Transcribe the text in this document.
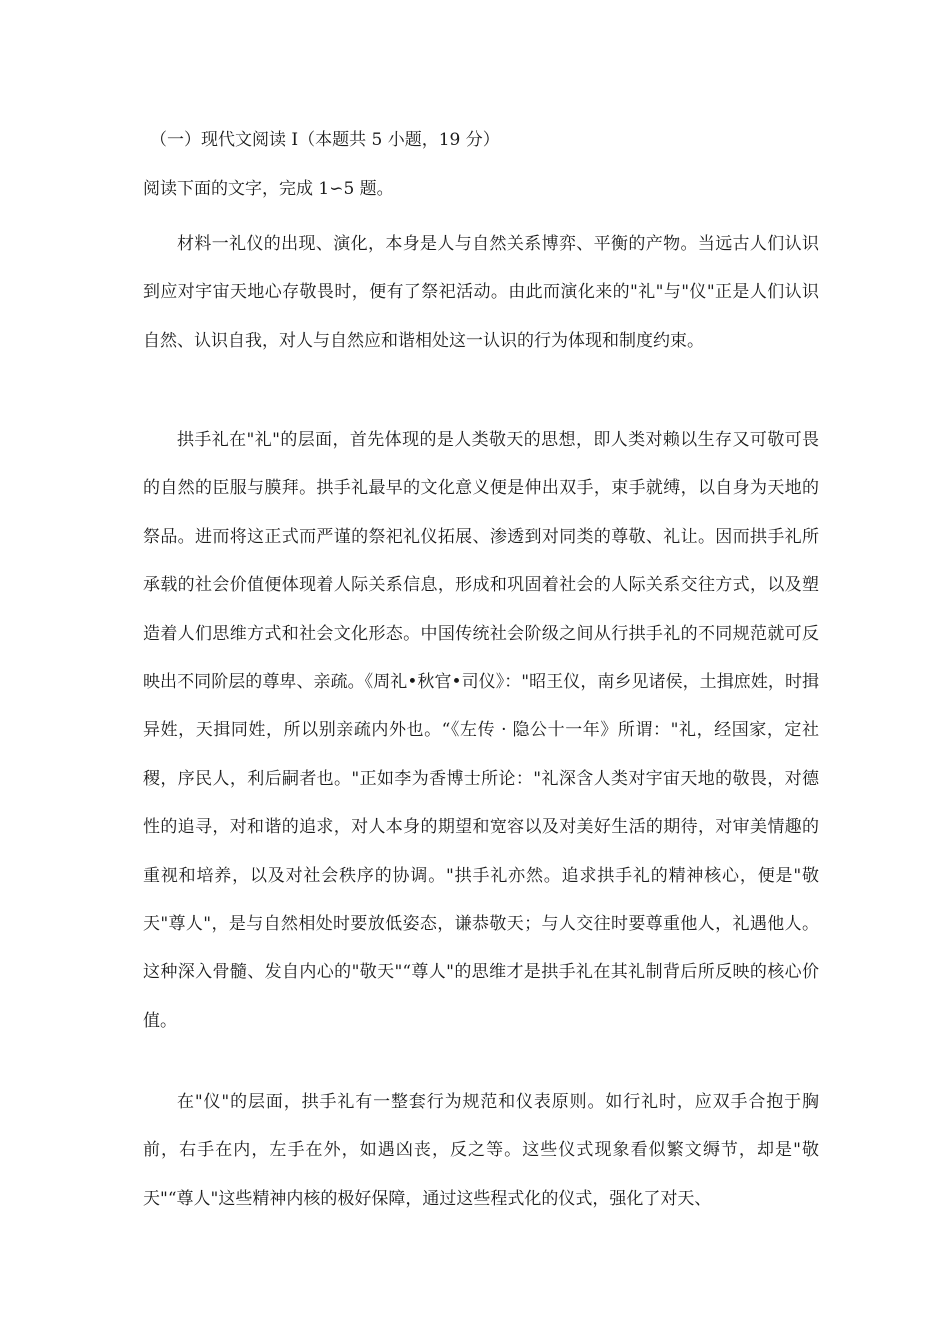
（一）现代文阅读 I（本题共 5 小题，19 分）
阅读下面的文字，完成 1∽5 题。

材料一礼仪的出现、演化，本身是人与自然关系博弈、平衡的产物。当远古人们认识到应对宇宙天地心存敬畏时，便有了祭祀活动。由此而演化来的"礼"与"仪"正是人们认识自然、认识自我，对人与自然应和谐相处这一认识的行为体现和制度约束。

拱手礼在"礼"的层面，首先体现的是人类敬天的思想，即人类对赖以生存又可敬可畏的自然的臣服与膜拜。拱手礼最早的文化意义便是伸出双手，束手就缚，以自身为天地的祭品。进而将这正式而严谨的祭祀礼仪拓展、渗透到对同类的尊敬、礼让。因而拱手礼所承载的社会价值便体现着人际关系信息，形成和巩固着社会的人际关系交往方式，以及塑造着人们思维方式和社会文化形态。中国传统社会阶级之间从行拱手礼的不同规范就可反映出不同阶层的尊卑、亲疏。《周礼•秋官•司仪》："昭王仪，南乡见诸侯，土揖庶姓，时揖异姓，天揖同姓，所以别亲疏内外也。“《左传 · 隐公十一年》所谓："礼，经国家，定社稷，序民人，利后嗣者也。"正如李为香博士所论："礼深含人类对宇宙天地的敬畏，对德性的追寻，对和谐的追求，对人本身的期望和宽容以及对美好生活的期待，对审美情趣的重视和培养，以及对社会秩序的协调。"拱手礼亦然。追求拱手礼的精神核心，便是"敬天"尊人"，是与自然相处时要放低姿态，谦恭敬天；与人交往时要尊重他人，礼遇他人。这种深入骨髓、发自内心的"敬天"“尊人"的思维才是拱手礼在其礼制背后所反映的核心价值。

在"仪"的层面，拱手礼有一整套行为规范和仪表原则。如行礼时，应双手合抱于胸前，右手在内，左手在外，如遇凶丧，反之等。这些仪式现象看似繁文缛节，却是"敬天"“尊人"这些精神内核的极好保障，通过这些程式化的仪式，强化了对天、
